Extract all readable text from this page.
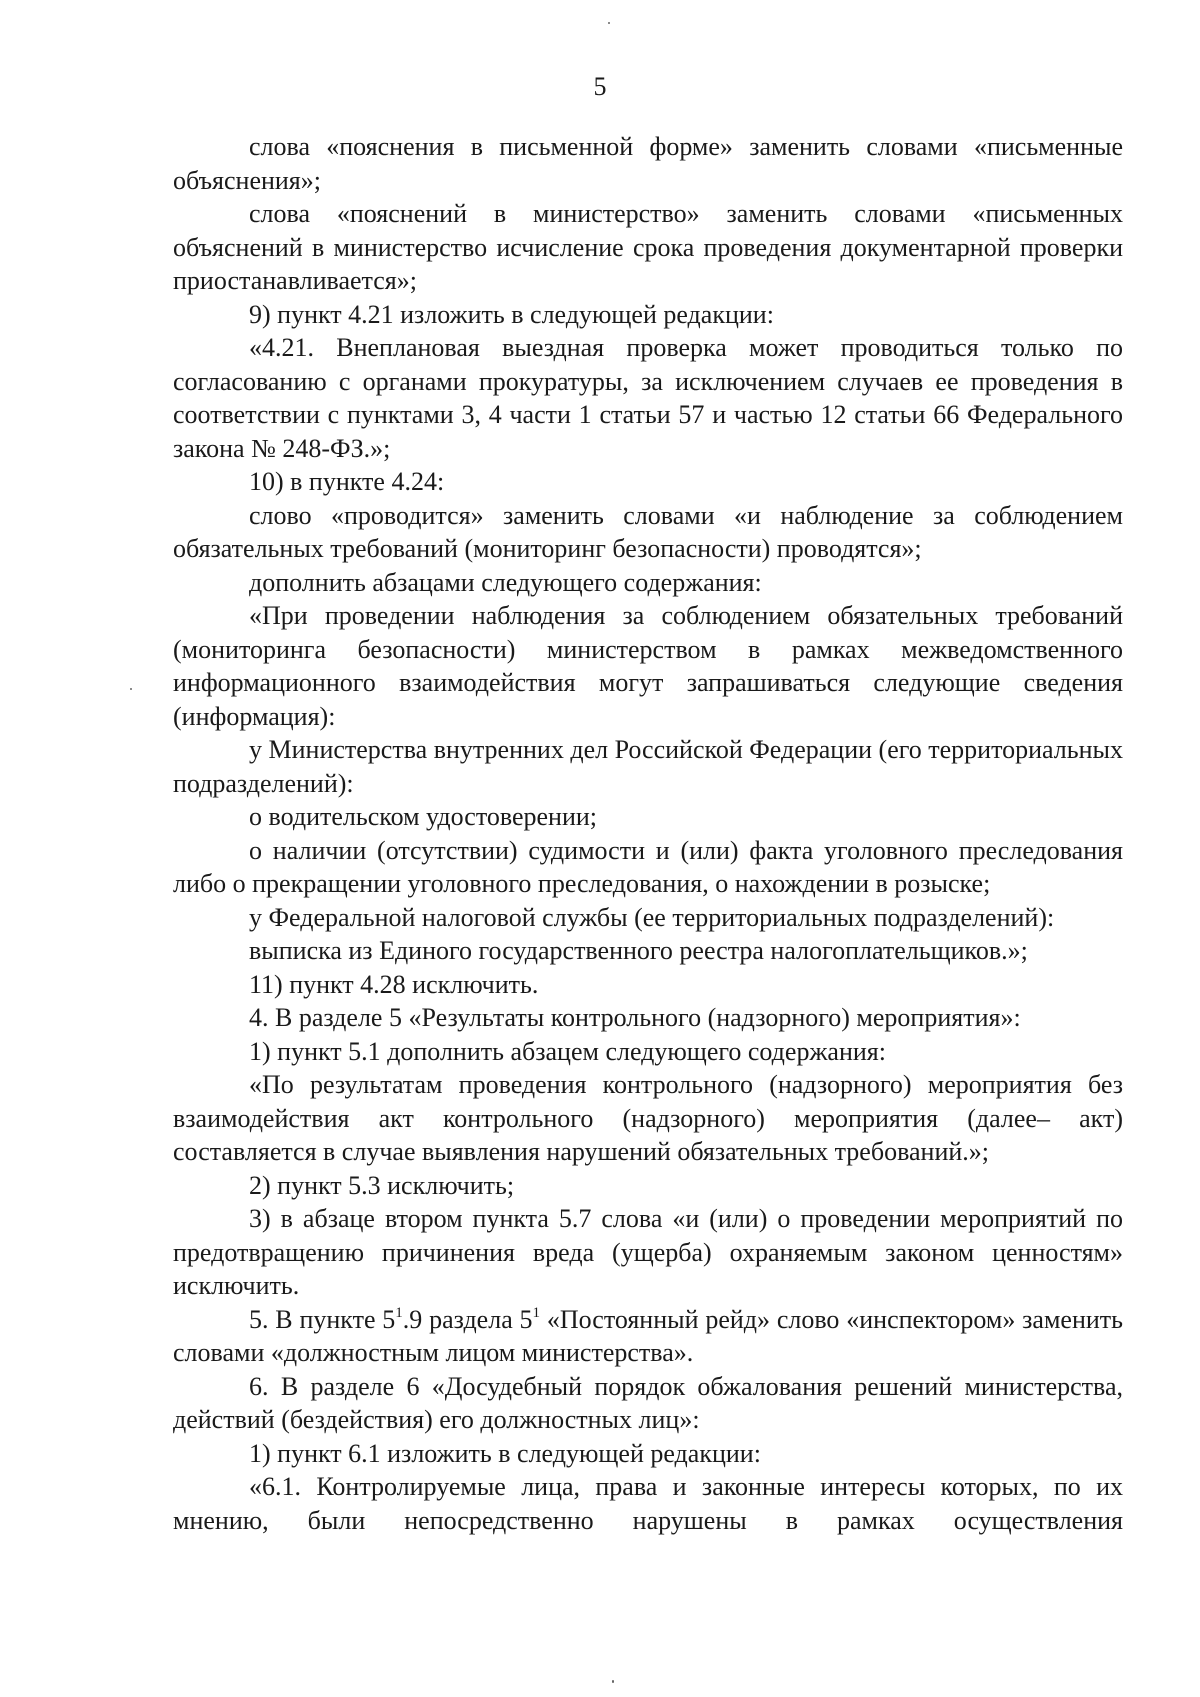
5

слова «пояснения в письменной форме» заменить словами «письменные объяснения»;

слова «пояснений в министерство» заменить словами «письменных объяснений в министерство исчисление срока проведения документарной проверки приостанавливается»;

9) пункт 4.21 изложить в следующей редакции:

«4.21. Внеплановая выездная проверка может проводиться только по согласованию с органами прокуратуры, за исключением случаев ее проведения в соответствии с пунктами 3, 4 части 1 статьи 57 и частью 12 статьи 66 Федерального закона № 248-ФЗ.»;

10) в пункте 4.24:

слово «проводится» заменить словами «и наблюдение за соблюдением обязательных требований (мониторинг безопасности) проводятся»;

дополнить абзацами следующего содержания:

«При проведении наблюдения за соблюдением обязательных требований (мониторинга безопасности) министерством в рамках межведомственного информационного взаимодействия могут запрашиваться следующие сведения (информация):

у Министерства внутренних дел Российской Федерации (его территориальных подразделений):

о водительском удостоверении;

о наличии (отсутствии) судимости и (или) факта уголовного преследования либо о прекращении уголовного преследования, о нахождении в розыске;

у Федеральной налоговой службы (ее территориальных подразделений):

выписка из Единого государственного реестра налогоплательщиков.»;

11) пункт 4.28 исключить.

4. В разделе 5 «Результаты контрольного (надзорного) мероприятия»:

1) пункт 5.1 дополнить абзацем следующего содержания:

«По результатам проведения контрольного (надзорного) мероприятия без взаимодействия акт контрольного (надзорного) мероприятия (далее– акт) составляется в случае выявления нарушений обязательных требований.»;

2) пункт 5.3 исключить;

3) в абзаце втором пункта 5.7 слова «и (или) о проведении мероприятий по предотвращению причинения вреда (ущерба) охраняемым законом ценностям» исключить.

5. В пункте $5^1.9$ раздела $5^1$ «Постоянный рейд» слово «инспектором» заменить словами «должностным лицом министерства».

6. В разделе 6 «Досудебный порядок обжалования решений министерства, действий (бездействия) его должностных лиц»:

1) пункт 6.1 изложить в следующей редакции:

«6.1. Контролируемые лица, права и законные интересы которых, по их мнению, были непосредственно нарушены в рамках осуществления
